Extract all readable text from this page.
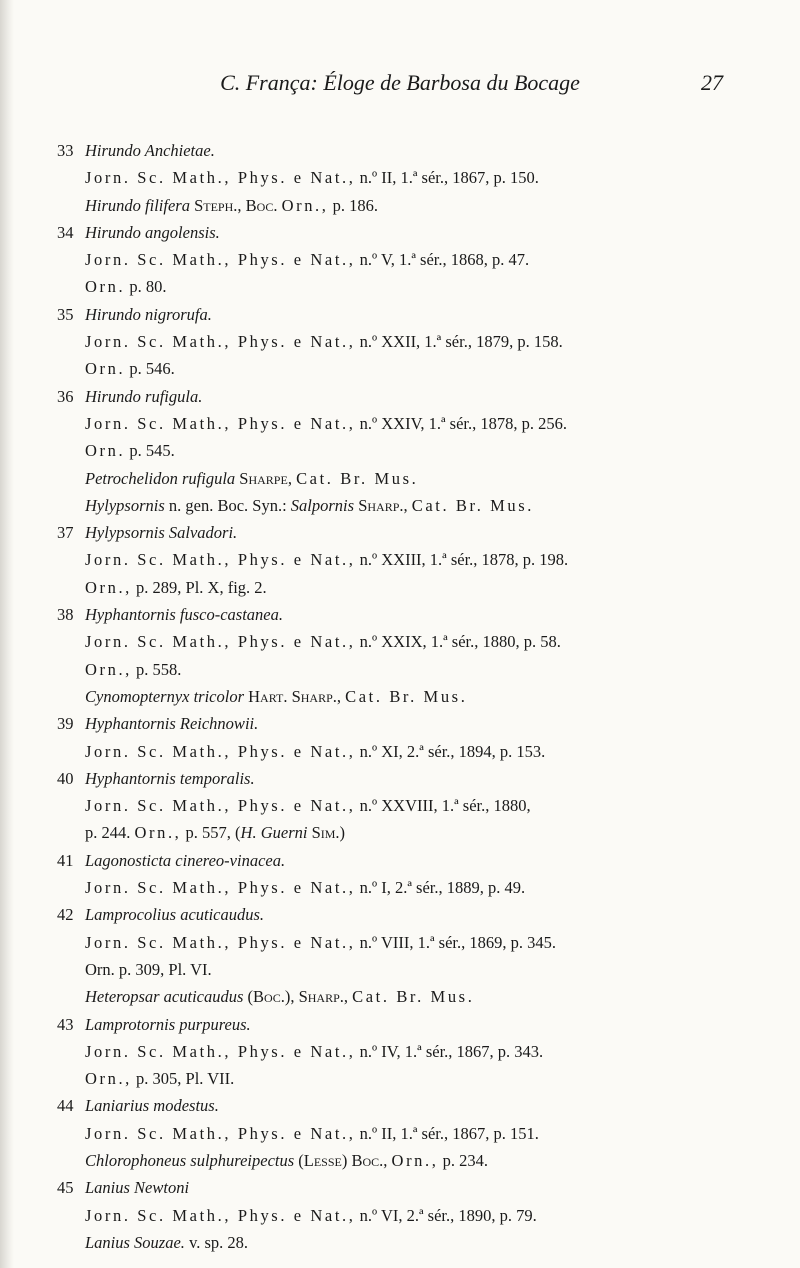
C. França: Éloge de Barbosa du Bocage	27
33 Hirundo Anchietae.
Jorn. Sc. Math., Phys. e Nat., n.º II, 1.ª sér., 1867, p. 150.
Hirundo filifera Steph., Boc. Orn., p. 186.
34 Hirundo angolensis.
Jorn. Sc. Math., Phys. e Nat., n.º V, 1.ª sér., 1868, p. 47.
Orn. p. 80.
35 Hirundo nigrorufa.
Jorn. Sc. Math., Phys. e Nat., n.º XXII, 1.ª sér., 1879, p. 158.
Orn. p. 546.
36 Hirundo rufigula.
Jorn. Sc. Math., Phys. e Nat., n.º XXIV, 1.ª sér., 1878, p. 256.
Orn. p. 545.
Petrochelidon rufigula Sharpe, Cat. Br. Mus.
Hylypsornis n. gen. Boc. Syn.: Salpornis Sharp., Cat. Br. Mus.
37 Hylypsornis Salvadori.
Jorn. Sc. Math., Phys. e Nat., n.º XXIII, 1.ª sér., 1878, p. 198.
Orn., p. 289, Pl. X, fig. 2.
38 Hyphantornis fusco-castanea.
Jorn. Sc. Math., Phys. e Nat., n.º XXIX, 1.ª sér., 1880, p. 58.
Orn., p. 558.
Cynomopternyx tricolor Hart. Sharp., Cat. Br. Mus.
39 Hyphantornis Reichnowii.
Jorn. Sc. Math., Phys. e Nat., n.º XI, 2.ª sér., 1894, p. 153.
40 Hyphantornis temporalis.
Jorn. Sc. Math., Phys. e Nat., n.º XXVIII, 1.ª sér., 1880,
p. 244. Orn., p. 557, (H. Guerni Sim.)
41 Lagonosticta cinereo-vinacea.
Jorn. Sc. Math., Phys. e Nat., n.º I, 2.ª sér., 1889, p. 49.
42 Lamprocolius acuticaudus.
Jorn. Sc. Math., Phys. e Nat., n.º VIII, 1.ª sér., 1869, p. 345.
Orn. p. 309, Pl. VI.
Heteropsar acuticaudus (Boc.), Sharp., Cat. Br. Mus.
43 Lamprotornis purpureus.
Jorn. Sc. Math., Phys. e Nat., n.º IV, 1.ª sér., 1867, p. 343.
Orn., p. 305, Pl. VII.
44 Laniarius modestus.
Jorn. Sc. Math., Phys. e Nat., n.º II, 1.ª sér., 1867, p. 151.
Chlorophoneus sulphureipectus (Lesse) Boc., Orn., p. 234.
45 Lanius Newtoni
Jorn. Sc. Math., Phys. e Nat., n.º VI, 2.ª sér., 1890, p. 79.
Lanius Souzae. v. sp. 28.
